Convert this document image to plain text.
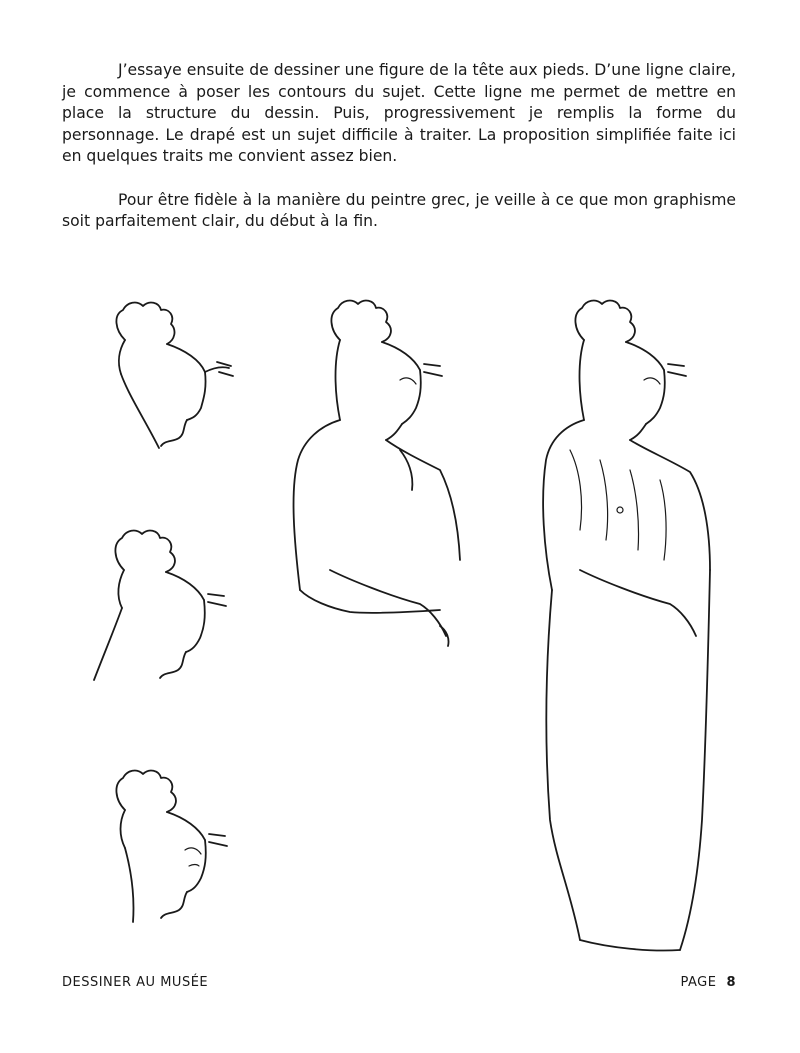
J’essaye ensuite de dessiner une figure de la tête aux pieds. D’une ligne claire, je commence à poser les contours du sujet. Cette ligne me permet de mettre en place la structure du dessin. Puis, progressivement je remplis la forme du personnage. Le drapé est un sujet difficile à traiter. La proposition simplifiée faite ici en quelques traits me convient assez bien.

Pour être fidèle à la manière du peintre grec, je veille à ce que mon graphisme soit parfaitement clair, du début à la fin.

DESSINER AU MUSÉE	PAGE 8
